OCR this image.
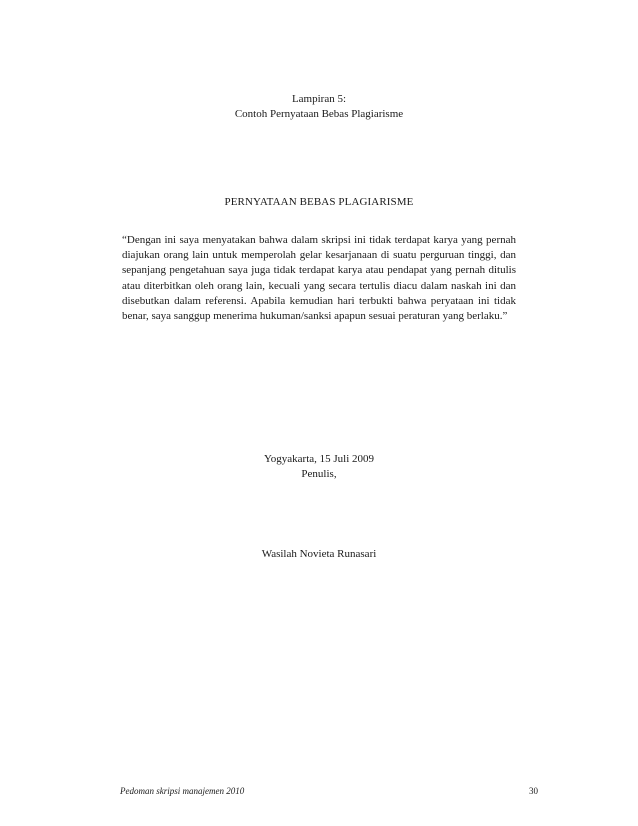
Lampiran 5:
Contoh Pernyataan Bebas Plagiarisme
PERNYATAAN BEBAS PLAGIARISME
“Dengan ini saya menyatakan bahwa dalam skripsi ini tidak terdapat karya yang pernah diajukan orang lain untuk memperolah gelar kesarjanaan di suatu perguruan tinggi, dan sepanjang pengetahuan saya juga tidak terdapat karya atau pendapat yang pernah ditulis atau diterbitkan oleh orang lain, kecuali yang secara tertulis diacu dalam naskah ini dan disebutkan dalam referensi. Apabila kemudian hari terbukti bahwa peryataan ini tidak benar, saya sanggup menerima hukuman/sanksi apapun sesuai peraturan yang berlaku.”
Yogyakarta, 15 Juli 2009
Penulis,
Wasilah Novieta Runasari
Pedoman skripsi manajemen 2010	30
